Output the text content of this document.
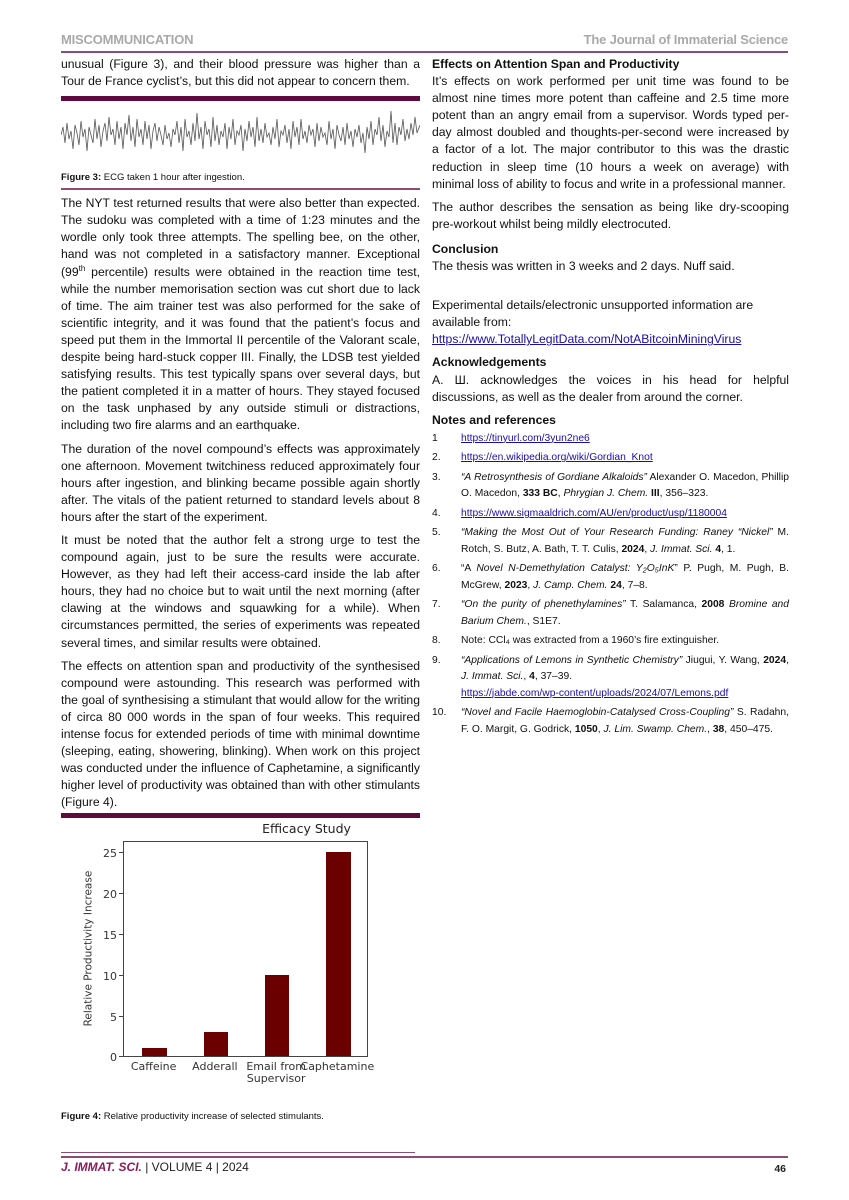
MISCOMMUNICATION	The Journal of Immaterial Science

unusual (Figure 3), and their blood pressure was higher than a Tour de France cyclist’s, but this did not appear to concern them.

Figure 3: ECG taken 1 hour after ingestion.

The NYT test returned results that were also better than expected. The sudoku was completed with a time of 1:23 minutes and the wordle only took three attempts. The spelling bee, on the other, hand was not completed in a satisfactory manner. Exceptional (99th percentile) results were obtained in the reaction time test, while the number memorisation section was cut short due to lack of time. The aim trainer test was also performed for the sake of scientific integrity, and it was found that the patient’s focus and speed put them in the Immortal II percentile of the Valorant scale, despite being hard-stuck copper III. Finally, the LDSB test yielded satisfying results. This test typically spans over several days, but the patient completed it in a matter of hours. They stayed focused on the task unphased by any outside stimuli or distractions, including two fire alarms and an earthquake.

The duration of the novel compound’s effects was approximately one afternoon. Movement twitchiness reduced approximately four hours after ingestion, and blinking became possible again shortly after. The vitals of the patient returned to standard levels about 8 hours after the start of the experiment.

It must be noted that the author felt a strong urge to test the compound again, just to be sure the results were accurate. However, as they had left their access-card inside the lab after hours, they had no choice but to wait until the next morning (after clawing at the windows and squawking for a while). When circumstances permitted, the series of experiments was repeated several times, and similar results were obtained.

The effects on attention span and productivity of the synthesised compound were astounding. This research was performed with the goal of synthesising a stimulant that would allow for the writing of circa 80 000 words in the span of four weeks. This required intense focus for extended periods of time with minimal downtime (sleeping, eating, showering, blinking). When work on this project was conducted under the influence of Caphetamine, a significantly higher level of productivity was obtained than with other stimulants (Figure 4).

Efficacy Study
Relative Productivity Increase
0
5
10
15
20
25
Caffeine	Adderall Email from
Supervisor
Caphetamine
Figure 4: Relative productivity increase of selected stimulants.
Effects on Attention Span and Productivity

It’s effects on work performed per unit time was found to be almost nine times more potent than caffeine and 2.5 time more potent than an angry email from a supervisor. Words typed per-day almost doubled and thoughts-per-second were increased by a factor of a lot. The major contributor to this was the drastic reduction in sleep time (10 hours a week on average) with minimal loss of ability to focus and write in a professional manner.

The author describes the sensation as being like dry-scooping pre-workout whilst being mildly electrocuted.

Conclusion

The thesis was written in 3 weeks and 2 days. Nuff said.

Experimental details/electronic unsupported information are available from:
https://www.TotallyLegitData.com/NotABitcoinMiningVirus

Acknowledgements

А. Ш. acknowledges the voices in his head for helpful discussions, as well as the dealer from around the corner.

Notes and references
1	https://tinyurl.com/3yun2ne6
2.	https://en.wikipedia.org/wiki/Gordian_Knot
3.	“A Retrosynthesis of Gordiane Alkaloids” Alexander O. Macedon, Phillip O. Macedon, 333 BC, Phrygian J. Chem. III, 356–323.
4.	https://www.sigmaaldrich.com/AU/en/product/usp/1180004
5.	“Making the Most Out of Your Research Funding: Raney “Nickel” M. Rotch, S. Butz, A. Bath, T. T. Culis, 2024, J. Immat. Sci. 4, 1.
6.	“A Novel N-Demethylation Catalyst: Y₂O₅InK” P. Pugh, M. Pugh, B. McGrew, 2023, J. Camp. Chem. 24, 7–8.
7.	“On the purity of phenethylamines” T. Salamanca, 2008 Bromine and Barium Chem., S1E7.
8.	Note: CCl₄ was extracted from a 1960’s fire extinguisher.
9.	“Applications of Lemons in Synthetic Chemistry” Jiugui, Y. Wang, 2024, J. Immat. Sci., 4, 37–39.
https://jabde.com/wp-content/uploads/2024/07/Lemons.pdf
10.	“Novel and Facile Haemoglobin-Catalysed Cross-Coupling” S. Radahn, F. O. Margit, G. Godrick, 1050, J. Lim. Swamp. Chem., 38, 450–475.
J. IMMAT. SCI. | VOLUME 4 | 2024	46
